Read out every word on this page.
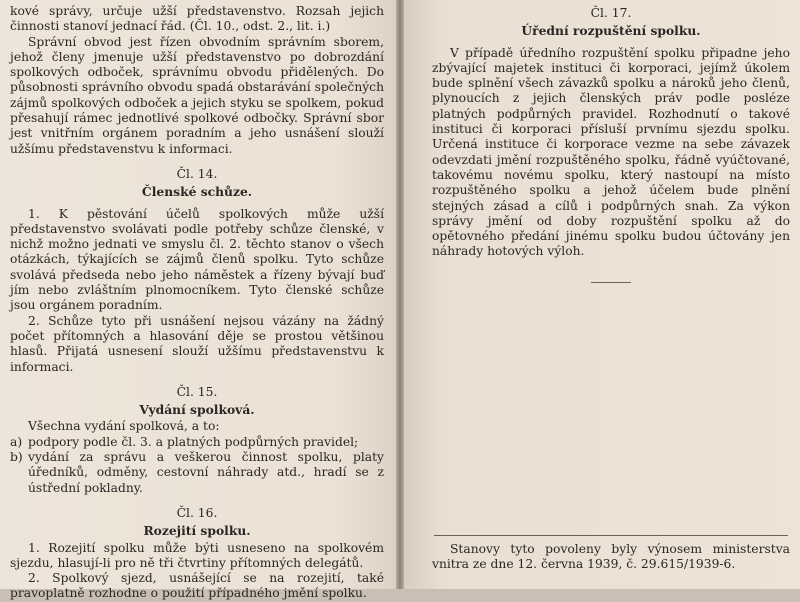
kové správy, určuje užší představenstvo. Rozsah jejich činnosti stanoví jednací řád. (Čl. 10., odst. 2., lit. i.)

Správní obvod jest řízen obvodním správním sborem, jehož členy jmenuje užší představenstvo po dobrozdání spolkových odboček, správnímu obvodu přidělených. Do působnosti správního obvodu spadá obstarávání společných zájmů spolkových odboček a jejich styku se spolkem, pokud přesahují rámec jednotlivé spolkové odbočky. Správní sbor jest vnitřním orgánem poradním a jeho usnášení slouží užšímu představenstvu k informaci.

Čl. 14.
Členské schůze.

1. K pěstování účelů spolkových může užší představenstvo svolávati podle potřeby schůze členské, v nichž možno jednati ve smyslu čl. 2. těchto stanov o všech otázkách, týkajících se zájmů členů spolku. Tyto schůze svolává předseda nebo jeho náměstek a řízeny bývají buď jím nebo zvláštním plnomocníkem. Tyto členské schůze jsou orgánem poradním.

2. Schůze tyto při usnášení nejsou vázány na žádný počet přítomných a hlasování děje se prostou většinou hlasů. Přijatá usnesení slouží užšímu představenstvu k informaci.

Čl. 15.
Vydání spolková.

Všechna vydání spolková, a to:

a) podpory podle čl. 3. a platných podpůrných pravidel;
b) vydání za správu a veškerou činnost spolku, platy úředníků, odměny, cestovní náhrady atd., hradí se z ústřední pokladny.
Čl. 16.
Rozejití spolku.

1. Rozejití spolku může býti usneseno na spolkovém sjezdu, hlasují-li pro ně tři čtvrtiny přítomných delegátů.

2. Spolkový sjezd, usnášející se na rozejití, také pravoplatně rozhodne o použití případného jmění spolku.

Čl. 17.
Úřední rozpuštění spolku.

V případě úředního rozpuštění spolku připadne jeho zbývající majetek instituci či korporaci, jejímž úkolem bude splnění všech závazků spolku a nároků jeho členů, plynoucích z jejich členských práv podle posléze platných podpůrných pravidel. Rozhodnutí o takové instituci či korporaci přísluší prvnímu sjezdu spolku. Určená instituce či korporace vezme na sebe závazek odevzdati jmění rozpuštěného spolku, řádně vyúčtované, takovému novému spolku, který nastoupí na místo rozpuštěného spolku a jehož účelem bude plnění stejných zásad a cílů i podpůrných snah. Za výkon správy jmění od doby rozpuštění spolku až do opětovného předání jinému spolku budou účtovány jen náhrady hotových výloh.

Stanovy tyto povoleny byly výnosem ministerstva vnitra ze dne 12. června 1939, č. 29.615/1939-6.
